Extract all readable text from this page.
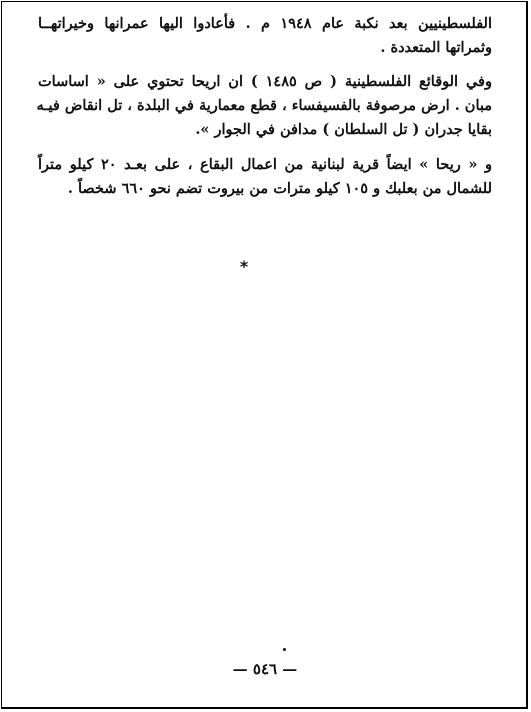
الفلسطينيين بعد نكبة عام ١٩٤٨ م . فأعادوا اليها عمرانها وخيراتهــا
وثمراتها المتعددة .
وفي الوقائع الفلسطينية ( ص ١٤٨٥ ) ان اريحا تحتوي على « اساسات
مبان . ارض مرصوفة بالفسيفساء ، قطع معمارية في البلدة ، تل انقاض فيـه
بقايا جدران ( تل السلطان ) مدافن في الجوار ».
و « ريحا » ايضاً قرية لبنانية من اعمال البقاع ، على بعـد ٢٠ كيلو متراً
للشمال من بعلبك و ١٠٥ كيلو مترات من بيروت تضم نحو ٦٦٠ شخصاً .
*
— ٥٤٦ —
